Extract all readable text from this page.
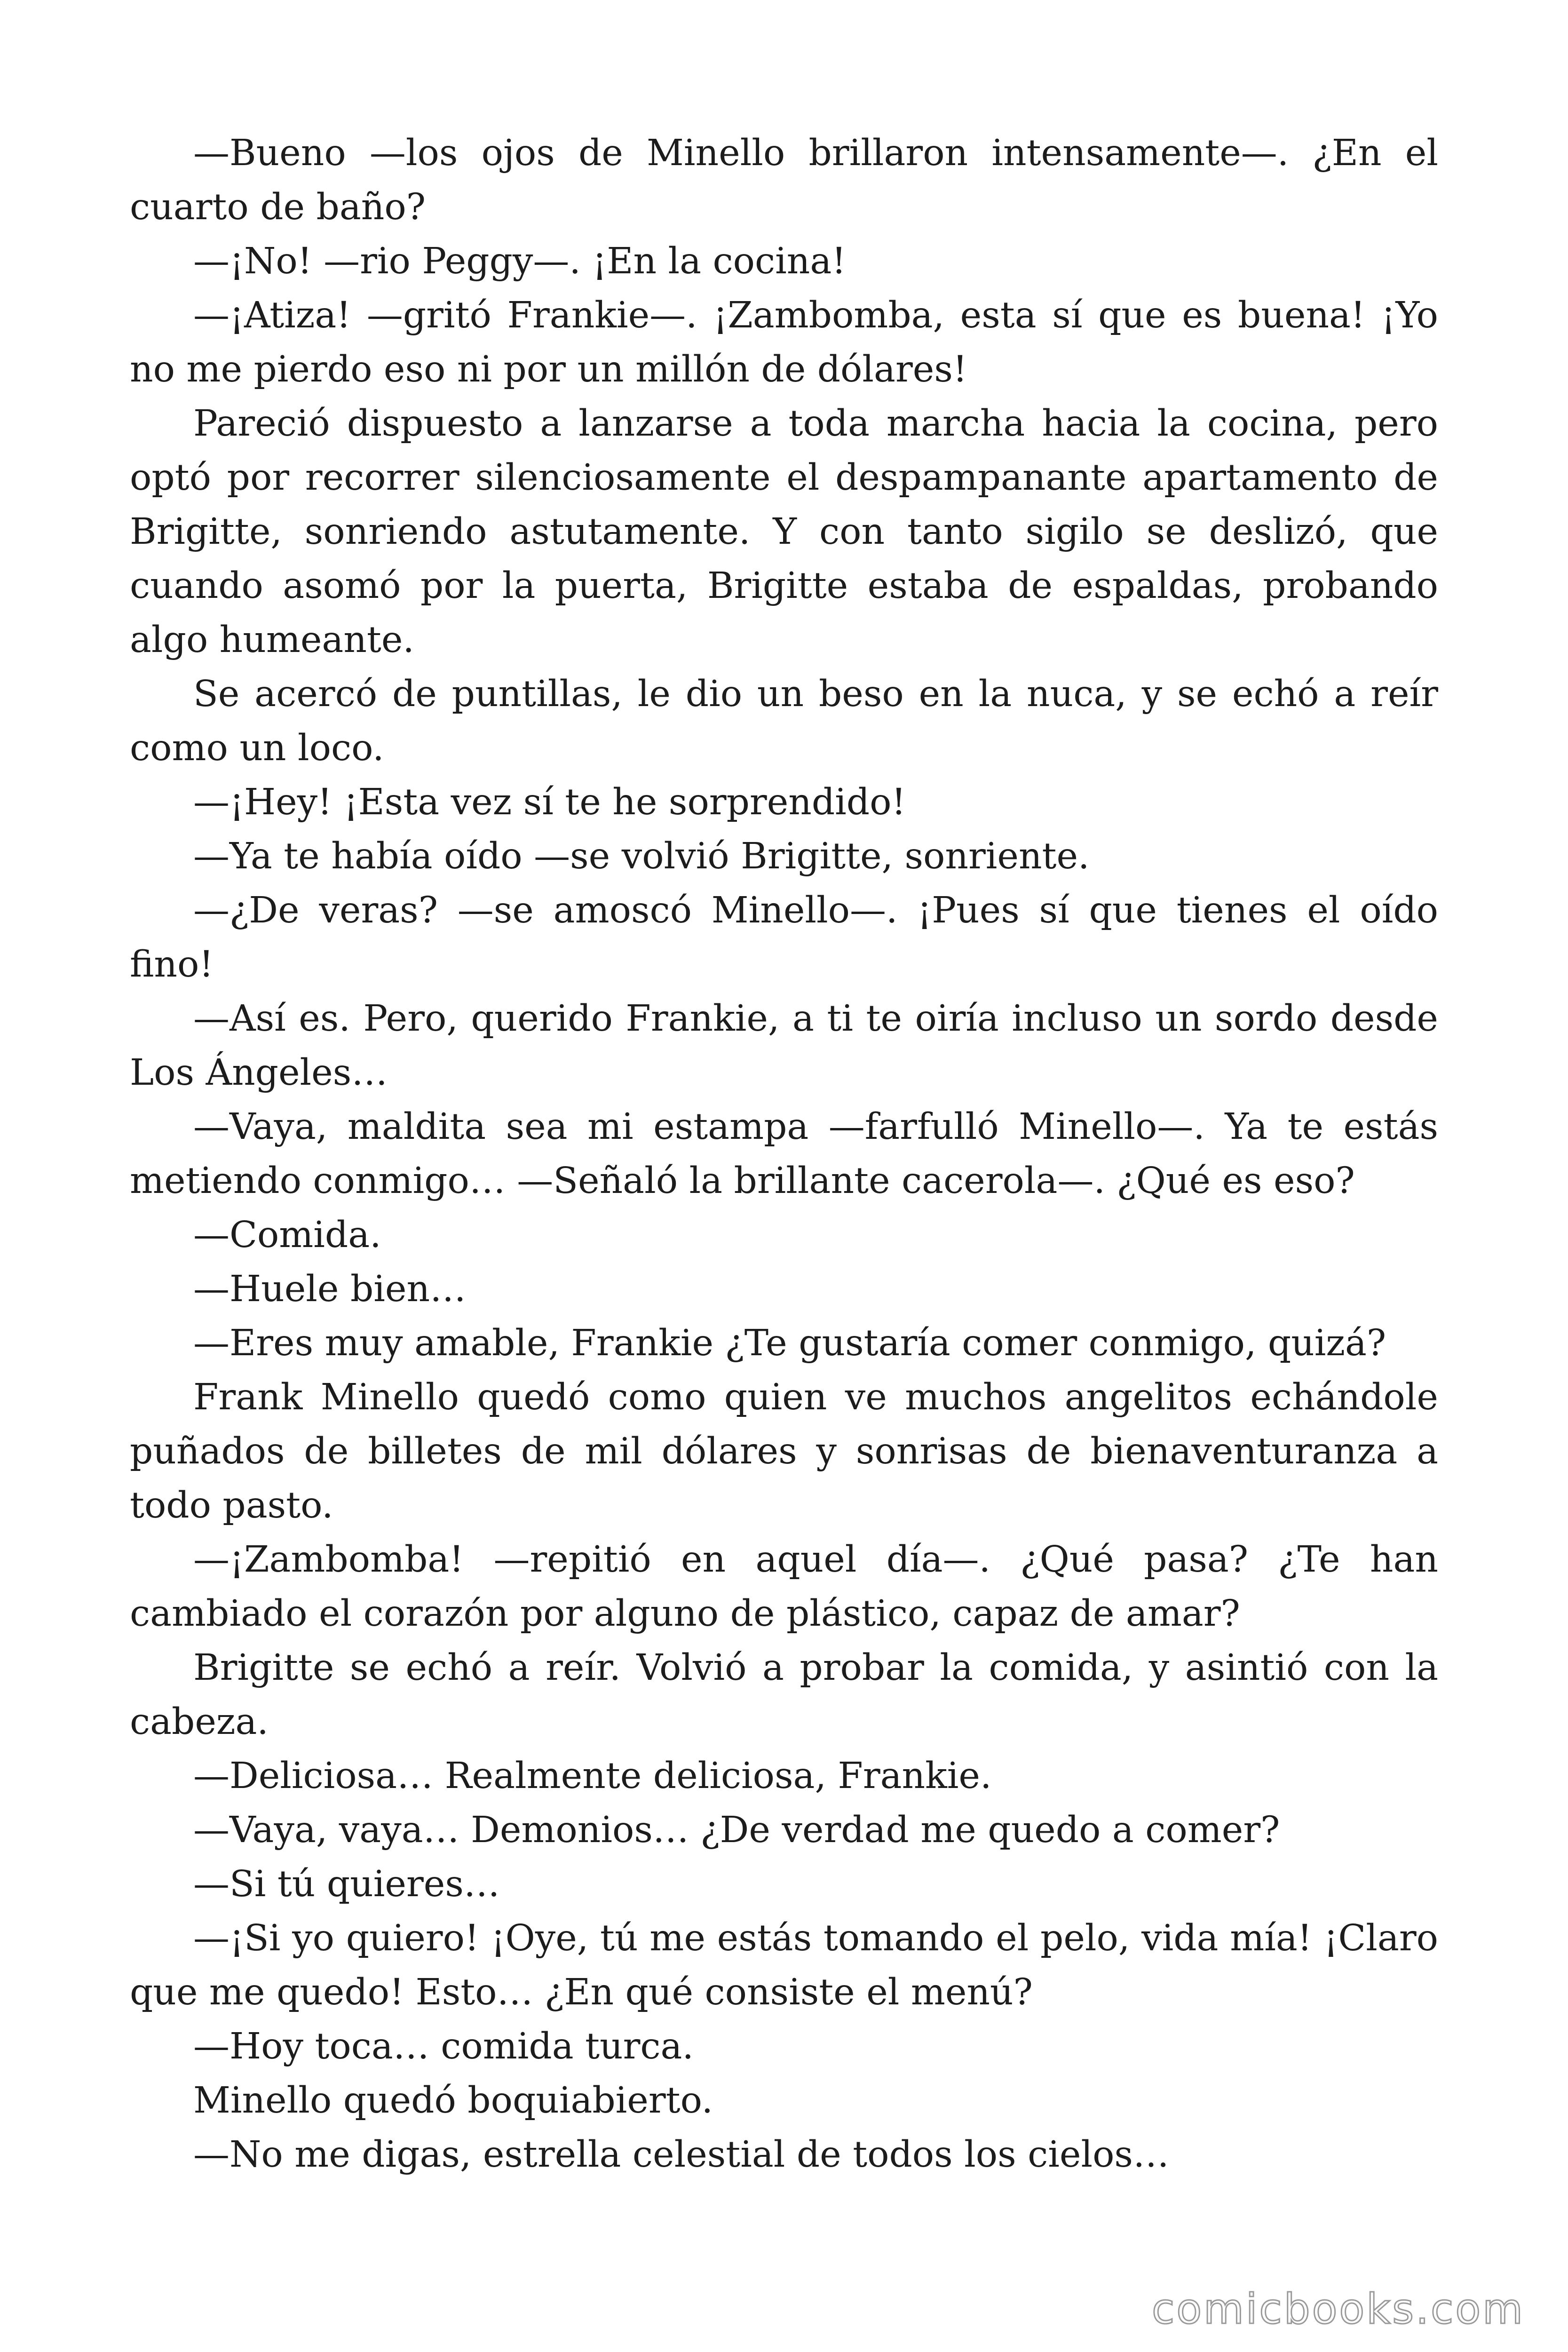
—Bueno —los ojos de Minello brillaron intensamente—. ¿En el cuarto de baño?

—¡No! —rio Peggy—. ¡En la cocina!

—¡Atiza! —gritó Frankie—. ¡Zambomba, esta sí que es buena! ¡Yo no me pierdo eso ni por un millón de dólares!

Pareció dispuesto a lanzarse a toda marcha hacia la cocina, pero optó por recorrer silenciosamente el despampanante apartamento de Brigitte, sonriendo astutamente. Y con tanto sigilo se deslizó, que cuando asomó por la puerta, Brigitte estaba de espaldas, probando algo humeante.

Se acercó de puntillas, le dio un beso en la nuca, y se echó a reír como un loco.

—¡Hey! ¡Esta vez sí te he sorprendido!

—Ya te había oído —se volvió Brigitte, sonriente.

—¿De veras? —se amoscó Minello—. ¡Pues sí que tienes el oído fino!

—Así es. Pero, querido Frankie, a ti te oiría incluso un sordo desde Los Ángeles…

—Vaya, maldita sea mi estampa —farfulló Minello—. Ya te estás metiendo conmigo… —Señaló la brillante cacerola—. ¿Qué es eso?

—Comida.

—Huele bien…

—Eres muy amable, Frankie ¿Te gustaría comer conmigo, quizá?

Frank Minello quedó como quien ve muchos angelitos echándole puñados de billetes de mil dólares y sonrisas de bienaventuranza a todo pasto.

—¡Zambomba! —repitió en aquel día—. ¿Qué pasa? ¿Te han cambiado el corazón por alguno de plástico, capaz de amar?

Brigitte se echó a reír. Volvió a probar la comida, y asintió con la cabeza.

—Deliciosa… Realmente deliciosa, Frankie.

—Vaya, vaya… Demonios… ¿De verdad me quedo a comer?

—Si tú quieres…

—¡Si yo quiero! ¡Oye, tú me estás tomando el pelo, vida mía! ¡Claro que me quedo! Esto… ¿En qué consiste el menú?

—Hoy toca… comida turca.

Minello quedó boquiabierto.

—No me digas, estrella celestial de todos los cielos…

comicbooks.com
